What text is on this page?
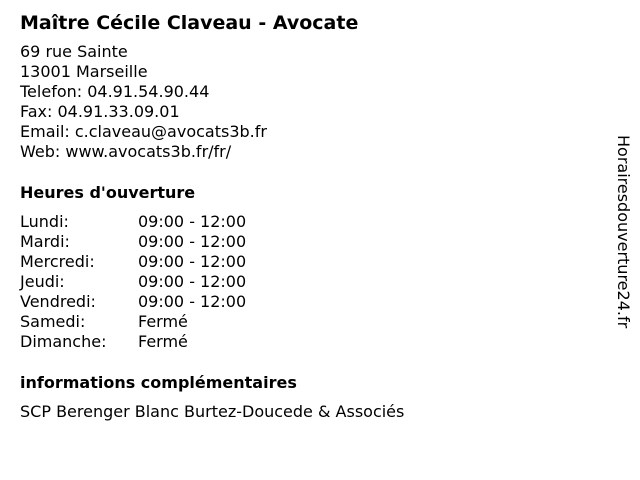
Maître Cécile Claveau - Avocate
69 rue Sainte
13001 Marseille
Telefon: 04.91.54.90.44
Fax: 04.91.33.09.01
Email: c.claveau@avocats3b.fr
Web: www.avocats3b.fr/fr/
Heures d'ouverture
Lundi:	09:00 - 12:00
Mardi:	09:00 - 12:00
Mercredi:	09:00 - 12:00
Jeudi:	09:00 - 12:00
Vendredi:	09:00 - 12:00
Samedi:	Fermé
Dimanche:	Fermé
informations complémentaires
SCP Berenger Blanc Burtez-Doucede & Associés
Horairesdouverture24.fr
